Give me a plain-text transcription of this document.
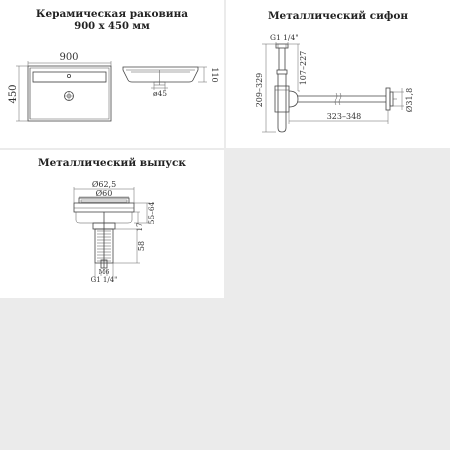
Керамическая раковина
900 х 450 мм
900
450
110
ø45
Металлический сифон
G1 1/4"
209–329
107–227
Ø31,8
323–348
Металлический выпуск
Ø62,5
Ø60
55–64
17
58
M6
G1 1/4"
